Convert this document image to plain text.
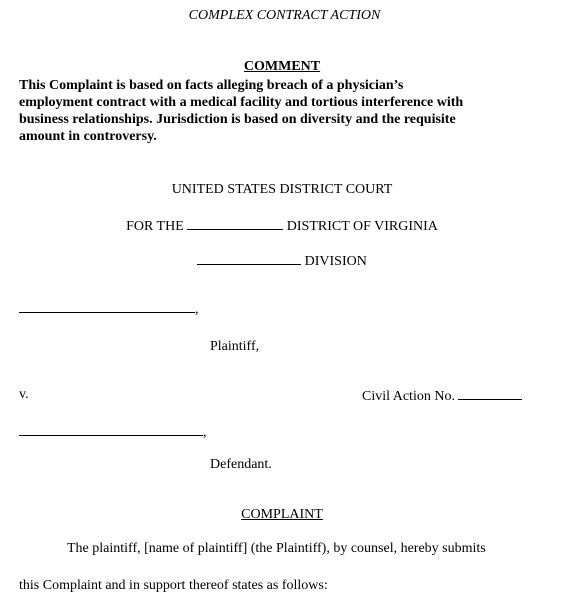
COMPLEX CONTRACT ACTION
COMMENT
This Complaint is based on facts alleging breach of a physician’s
employment contract with a medical facility and tortious interference with
business relationships. Jurisdiction is based on diversity and the requisite
amount in controversy.
UNITED STATES DISTRICT COURT
FOR THE	DISTRICT OF VIRGINIA
DIVISION
,
Plaintiff,
v.	Civil Action No.
,
Defendant.
COMPLAINT
The plaintiff, [name of plaintiff] (the Plaintiff), by counsel, hereby submits
this Complaint and in support thereof states as follows:
